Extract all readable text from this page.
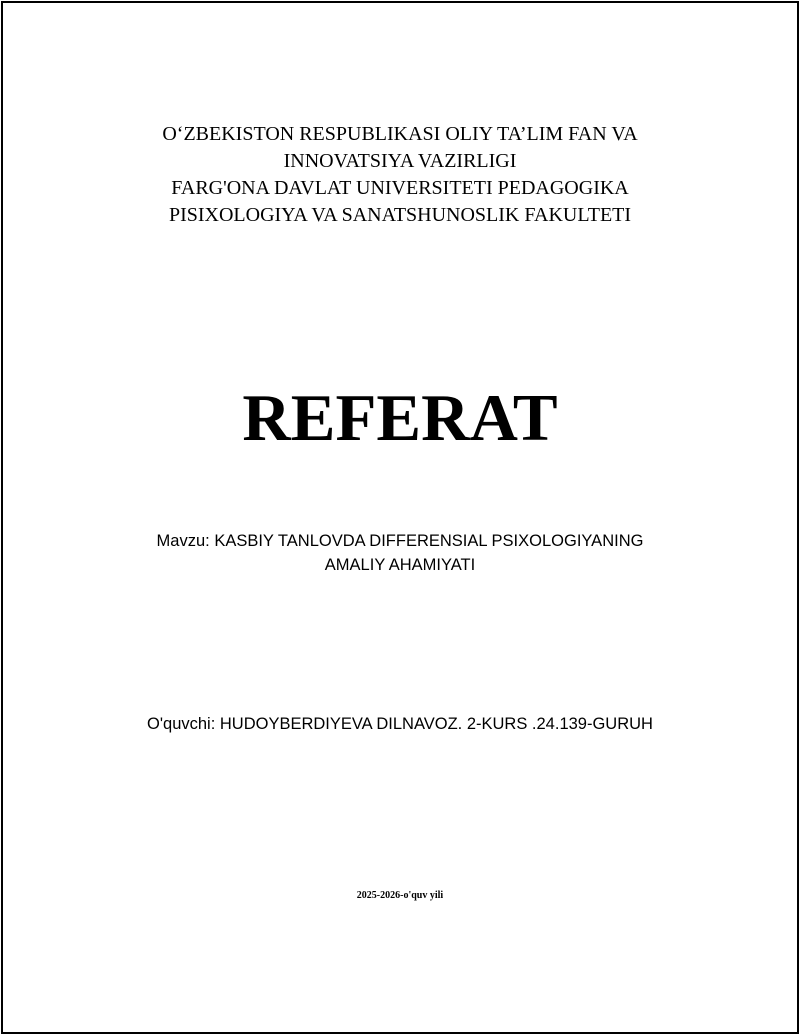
O‘ZBEKISTON RESPUBLIKASI OLIY TA’LIM FAN VA
INNOVATSIYA VAZIRLIGI
FARG'ONA DAVLAT UNIVERSITETI PEDAGOGIKA
PISIXOLOGIYA VA SANATSHUNOSLIK FAKULTETI
REFERAT
Mavzu: KASBIY TANLOVDA DIFFERENSIAL PSIXOLOGIYANING
AMALIY AHAMIYATI
O'quvchi: HUDOYBERDIYEVA DILNAVOZ. 2-KURS .24.139-GURUH
2025-2026-o'quv yili
